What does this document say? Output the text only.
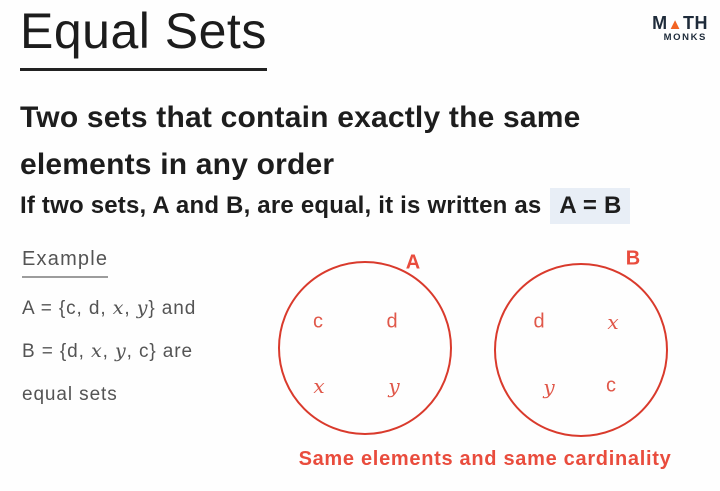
Equal Sets	M▲TH
MONKS
Two sets that contain exactly the same
elements in any order
If two sets, A and B, are equal, it is written as A = B
Example

A = {c, d, x, y} and

B = {d, x, y, c} are

equal sets

A
c	d
x	y
B
d	x
y	c
Same elements and same cardinality
